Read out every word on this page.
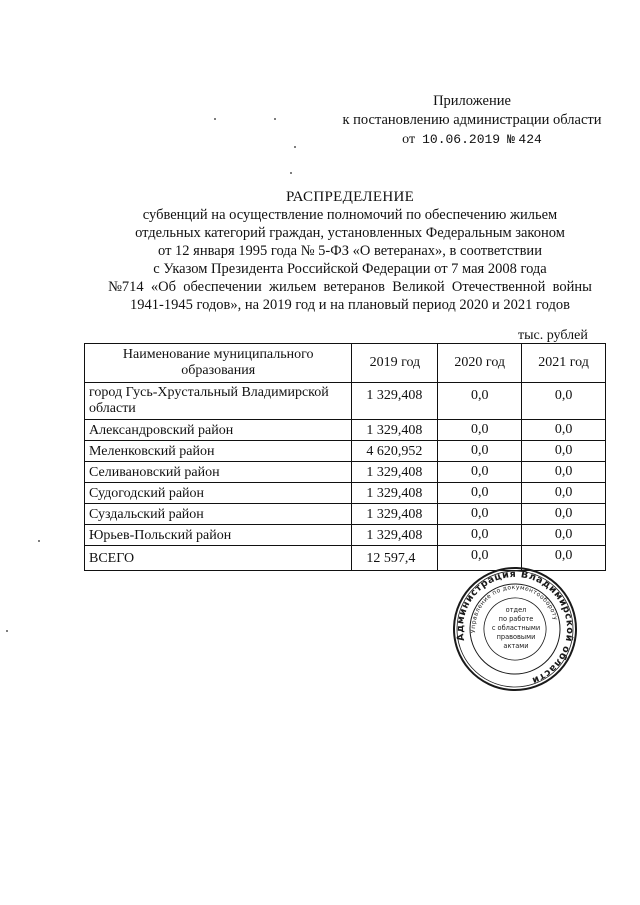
Приложение
к постановлению администрации области
от 10.06.2019 № 424
РАСПРЕДЕЛЕНИЕ
субвенций на осуществление полномочий по обеспечению жильем
отдельных категорий граждан, установленных Федеральным законом
от 12 января 1995 года № 5-ФЗ «О ветеранах», в соответствии
с Указом Президента Российской Федерации от 7 мая 2008 года
№714  «Об  обеспечении  жильем  ветеранов  Великой  Отечественной  войны
1941-1945 годов», на 2019 год и на плановый период 2020 и 2021 годов
тыс. рублей
Наименование муниципального образования	2019 год	2020 год	2021 год
город Гусь-Хрустальный Владимирской области	1 329,408	0,0	0,0
Александровский район	1 329,408	0,0	0,0
Меленковский район	4 620,952	0,0	0,0
Селивановский район	1 329,408	0,0	0,0
Судогодский район	1 329,408	0,0	0,0
Суздальский район	1 329,408	0,0	0,0
Юрьев-Польский район	1 329,408	0,0	0,0
ВСЕГО	12 597,4	0,0	0,0
Администрация Владимирской области
Управление по документообороту
отдел
по работе
с областными
правовыми
актами
